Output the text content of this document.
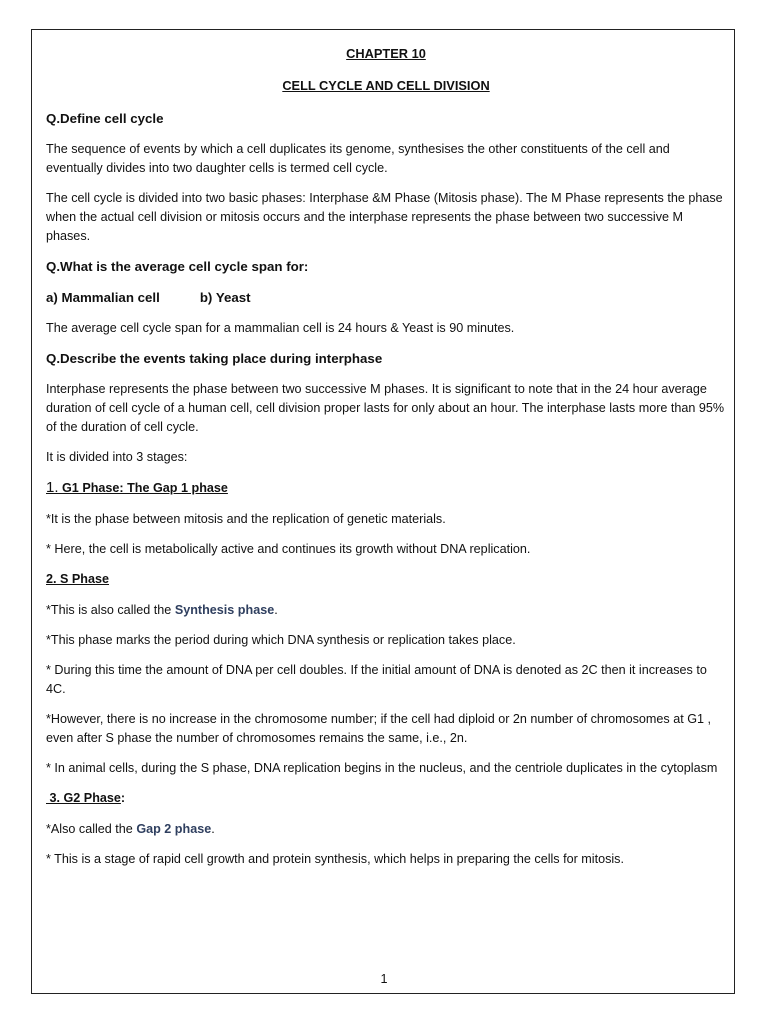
CHAPTER 10
CELL CYCLE AND CELL DIVISION
Q.Define cell cycle

The sequence of events by which a cell duplicates its genome, synthesises the other constituents of the cell and eventually divides into two daughter cells is termed cell cycle.

The cell cycle is divided into two basic phases: Interphase &M Phase (Mitosis phase). The M Phase represents the phase when the actual cell division or mitosis occurs and the interphase represents the phase between two successive M phases.

Q.What is the average cell cycle span for:
a) Mammalian cell	b) Yeast

The average cell cycle span for a mammalian cell is 24 hours & Yeast is 90 minutes.

Q.Describe the events taking place during interphase

Interphase represents the phase between two successive M phases. It is significant to note that in the 24 hour average duration of cell cycle of a human cell, cell division proper lasts for only about an hour. The interphase lasts more than 95% of the duration of cell cycle.

It is divided into 3 stages:

1. G1 Phase: The Gap 1 phase

*It is the phase between mitosis and the replication of genetic materials.

* Here, the cell is metabolically active and continues its growth without DNA replication.

2. S Phase

*This is also called the Synthesis phase.

*This phase marks the period during which DNA synthesis or replication takes place.

* During this time the amount of DNA per cell doubles. If the initial amount of DNA is denoted as 2C then it increases to 4C.

*However, there is no increase in the chromosome number; if the cell had diploid or 2n number of chromosomes at G1 , even after S phase the number of chromosomes remains the same, i.e., 2n.

* In animal cells, during the S phase, DNA replication begins in the nucleus, and the centriole duplicates in the cytoplasm

3. G2 Phase:

*Also called the Gap 2 phase.

* This is a stage of rapid cell growth and protein synthesis, which helps in preparing the cells for mitosis.

1
